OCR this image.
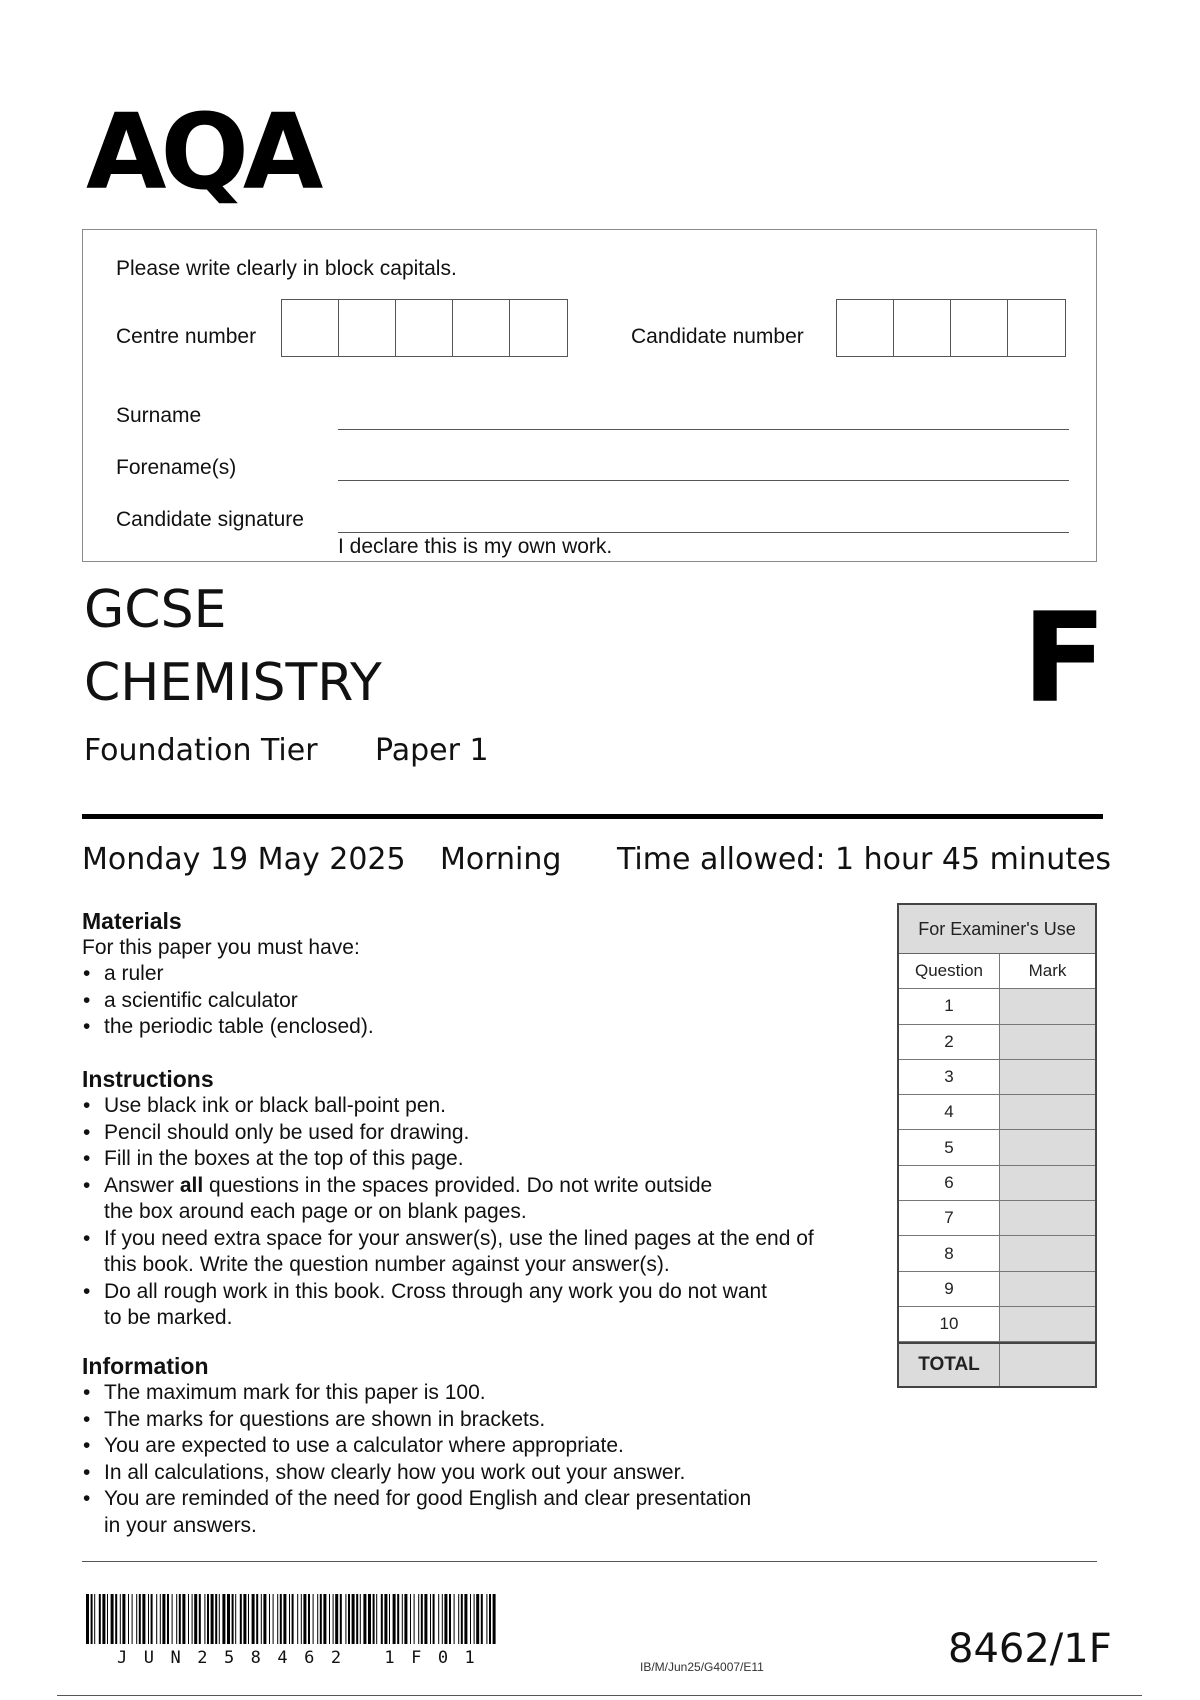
AQA
Please write clearly in block capitals.
Centre number	Candidate number
Surname
Forename(s)
Candidate signature
I declare this is my own work.
GCSE
CHEMISTRY
Foundation Tier Paper 1
F
Monday 19 May 2025 Morning Time allowed: 1 hour 45 minutes
Materials
For this paper you must have:
• a ruler
• a scientific calculator
• the periodic table (enclosed).
Instructions
• Use black ink or black ball-point pen.
• Pencil should only be used for drawing.
• Fill in the boxes at the top of this page.
• Answer all questions in the spaces provided. Do not write outside
the box around each page or on blank pages.
• If you need extra space for your answer(s), use the lined pages at the end of
this book. Write the question number against your answer(s).
• Do all rough work in this book. Cross through any work you do not want
to be marked.
Information
• The maximum mark for this paper is 100.
• The marks for questions are shown in brackets.
• You are expected to use a calculator where appropriate.
• In all calculations, show clearly how you work out your answer.
• You are reminded of the need for good English and clear presentation
in your answers.
For Examiner's Use
Question	Mark
1
2
3
4
5
6
7
8
9
10
TOTAL
JUN258462 1F01	IB/M/Jun25/G4007/E11	8462/1F
